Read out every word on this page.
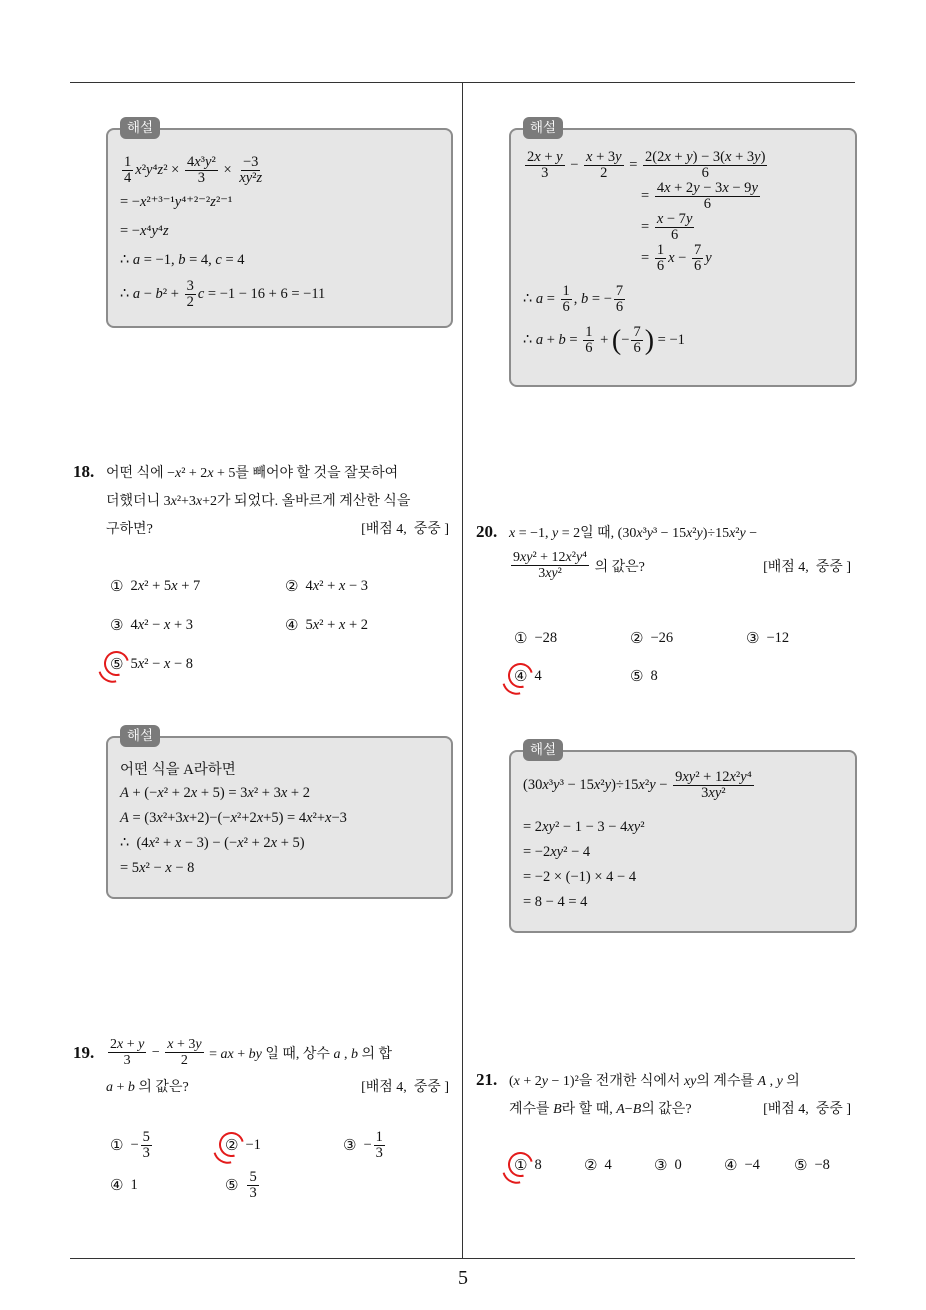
해설
$\frac{1}{4} x^2y^4z^2 \times \frac{\text{4x³y²}}{3} \times \frac{-3}{\text{xy²z}}$
= −x²⁺³⁻¹y⁴⁺²⁻²z²⁻¹
= −x⁴y⁴z
∴ a = −1, b = 4, c = 4
∴ $a - b^2 + \frac{3}{2}$ c = −1 − 16 + 6 = −11
18. 어떤 식에 −x² + 2x + 5를 빼어야 할 것을 잘못하여
더했더니 3x²+3x+2가 되었다. 올바르게 계산한 식을
구하면?	[배점 4,  중중 ]
① 2x² + 5x + 7	② 4x² + x − 3
③ 4x² − x + 3	④ 5x² + x + 2
⑤ 5x² − x − 8
해설
어떤 식을 A라하면
A + (−x² + 2x + 5) = 3x² + 3x + 2
A = (3x²+3x+2)−(−x²+2x+5) = 4x²+x−3
∴  (4x² + x − 3) − (−x² + 2x + 5)
= 5x² − x − 8
19. $\frac{2x + y}{3} - \frac{x + 3y}{2}$ = ax + by 일 때, 상수 a , b 의 합
a + b 의 값은?	[배점 4,  중중 ]
① − $\frac{5}{3}$	② −1	③ − $\frac{1}{3}$
④ 1	⑤ $\frac{5}{3}$
해설
$\frac{2x + y}{3} - \frac{x + 3y}{2} = \frac{2(2x + y) - 3(x + 3y)}{6}$
= $\frac{4x + 2y - 3x - 9y}{6}$
= $\frac{x - 7y}{6}$
= $\frac{1}{6}$ $x - \frac{7}{6}$ y
∴ $a = \frac{1}{6}$ , b = − $\frac{7}{6}$
∴ $a + b = \frac{1}{6}$ + ( − $\frac{7}{6}$ ) = −1
20. x = −1, y = 2일 때, (30x³y³ − 15x²y)÷15x²y −
$\frac{\text{9xy² + 12x²y⁴}}{\text{3xy²}}$ 의 값은?	[배점 4,  중중 ]
① −28	② −26	③ −12
④ 4	⑤ 8
해설
$(30x^3y^3 - 15x^2y)\div 15x^2y - \frac{\text{9xy² + 12x²y⁴}}{\text{3xy²}}$
= 2xy² − 1 − 3 − 4xy²
= −2xy² − 4
= −2 × (−1) × 4 − 4
= 8 − 4 = 4
21. (x + 2y − 1)²을 전개한 식에서 xy의 계수를 A , y 의
계수를 B라 할 때, A−B의 값은?	[배점 4,  중중 ]
① 8	② 4	③ 0	④ −4 ⑤ −8
5
